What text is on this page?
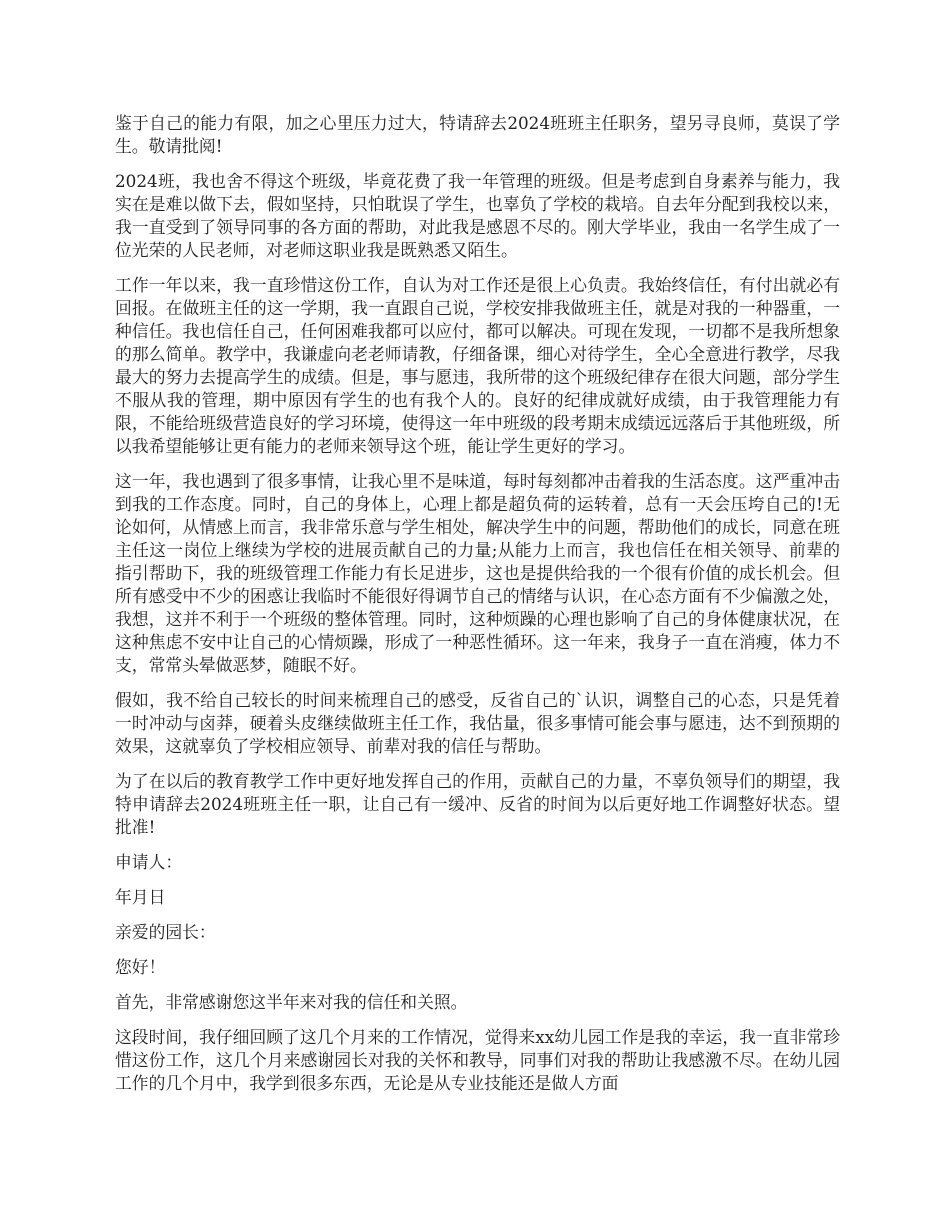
鉴于自己的能力有限，加之心里压力过大，特请辞去2024班班主任职务，望另寻良师，莫误了学生。敬请批阅!

2024班，我也舍不得这个班级，毕竟花费了我一年管理的班级。但是考虑到自身素养与能力，我实在是难以做下去，假如坚持，只怕耽误了学生，也辜负了学校的栽培。自去年分配到我校以来，我一直受到了领导同事的各方面的帮助，对此我是感恩不尽的。刚大学毕业，我由一名学生成了一位光荣的人民老师，对老师这职业我是既熟悉又陌生。

工作一年以来，我一直珍惜这份工作，自认为对工作还是很上心负责。我始终信任，有付出就必有回报。在做班主任的这一学期，我一直跟自己说，学校安排我做班主任，就是对我的一种器重，一种信任。我也信任自己，任何困难我都可以应付，都可以解决。可现在发现，一切都不是我所想象的那么简单。教学中，我谦虚向老老师请教，仔细备课，细心对待学生，全心全意进行教学，尽我最大的努力去提高学生的成绩。但是，事与愿违，我所带的这个班级纪律存在很大问题，部分学生不服从我的管理，期中原因有学生的也有我个人的。良好的纪律成就好成绩，由于我管理能力有限，不能给班级营造良好的学习环境，使得这一年中班级的段考期末成绩远远落后于其他班级，所以我希望能够让更有能力的老师来领导这个班，能让学生更好的学习。

这一年，我也遇到了很多事情，让我心里不是味道，每时每刻都冲击着我的生活态度。这严重冲击到我的工作态度。同时，自己的身体上，心理上都是超负荷的运转着，总有一天会压垮自己的!无论如何，从情感上而言，我非常乐意与学生相处，解决学生中的问题，帮助他们的成长，同意在班主任这一岗位上继续为学校的进展贡献自己的力量;从能力上而言，我也信任在相关领导、前辈的指引帮助下，我的班级管理工作能力有长足进步，这也是提供给我的一个很有价值的成长机会。但所有感受中不少的困惑让我临时不能很好得调节自己的情绪与认识，在心态方面有不少偏激之处，我想，这并不利于一个班级的整体管理。同时，这种烦躁的心理也影响了自己的身体健康状况，在这种焦虑不安中让自己的心情烦躁，形成了一种恶性循环。这一年来，我身子一直在消瘦，体力不支，常常头晕做恶梦，随眠不好。

假如，我不给自己较长的时间来梳理自己的感受，反省自己的`认识，调整自己的心态，只是凭着一时冲动与卤莽，硬着头皮继续做班主任工作，我估量，很多事情可能会事与愿违，达不到预期的效果，这就辜负了学校相应领导、前辈对我的信任与帮助。

为了在以后的教育教学工作中更好地发挥自己的作用，贡献自己的力量，不辜负领导们的期望，我特申请辞去2024班班主任一职，让自己有一缓冲、反省的时间为以后更好地工作调整好状态。望批准!

申请人：

年月日

亲爱的园长：

您好！

首先，非常感谢您这半年来对我的信任和关照。

这段时间，我仔细回顾了这几个月来的工作情况，觉得来xx幼儿园工作是我的幸运，我一直非常珍惜这份工作，这几个月来感谢园长对我的关怀和教导，同事们对我的帮助让我感激不尽。在幼儿园工作的几个月中，我学到很多东西，无论是从专业技能还是做人方面
